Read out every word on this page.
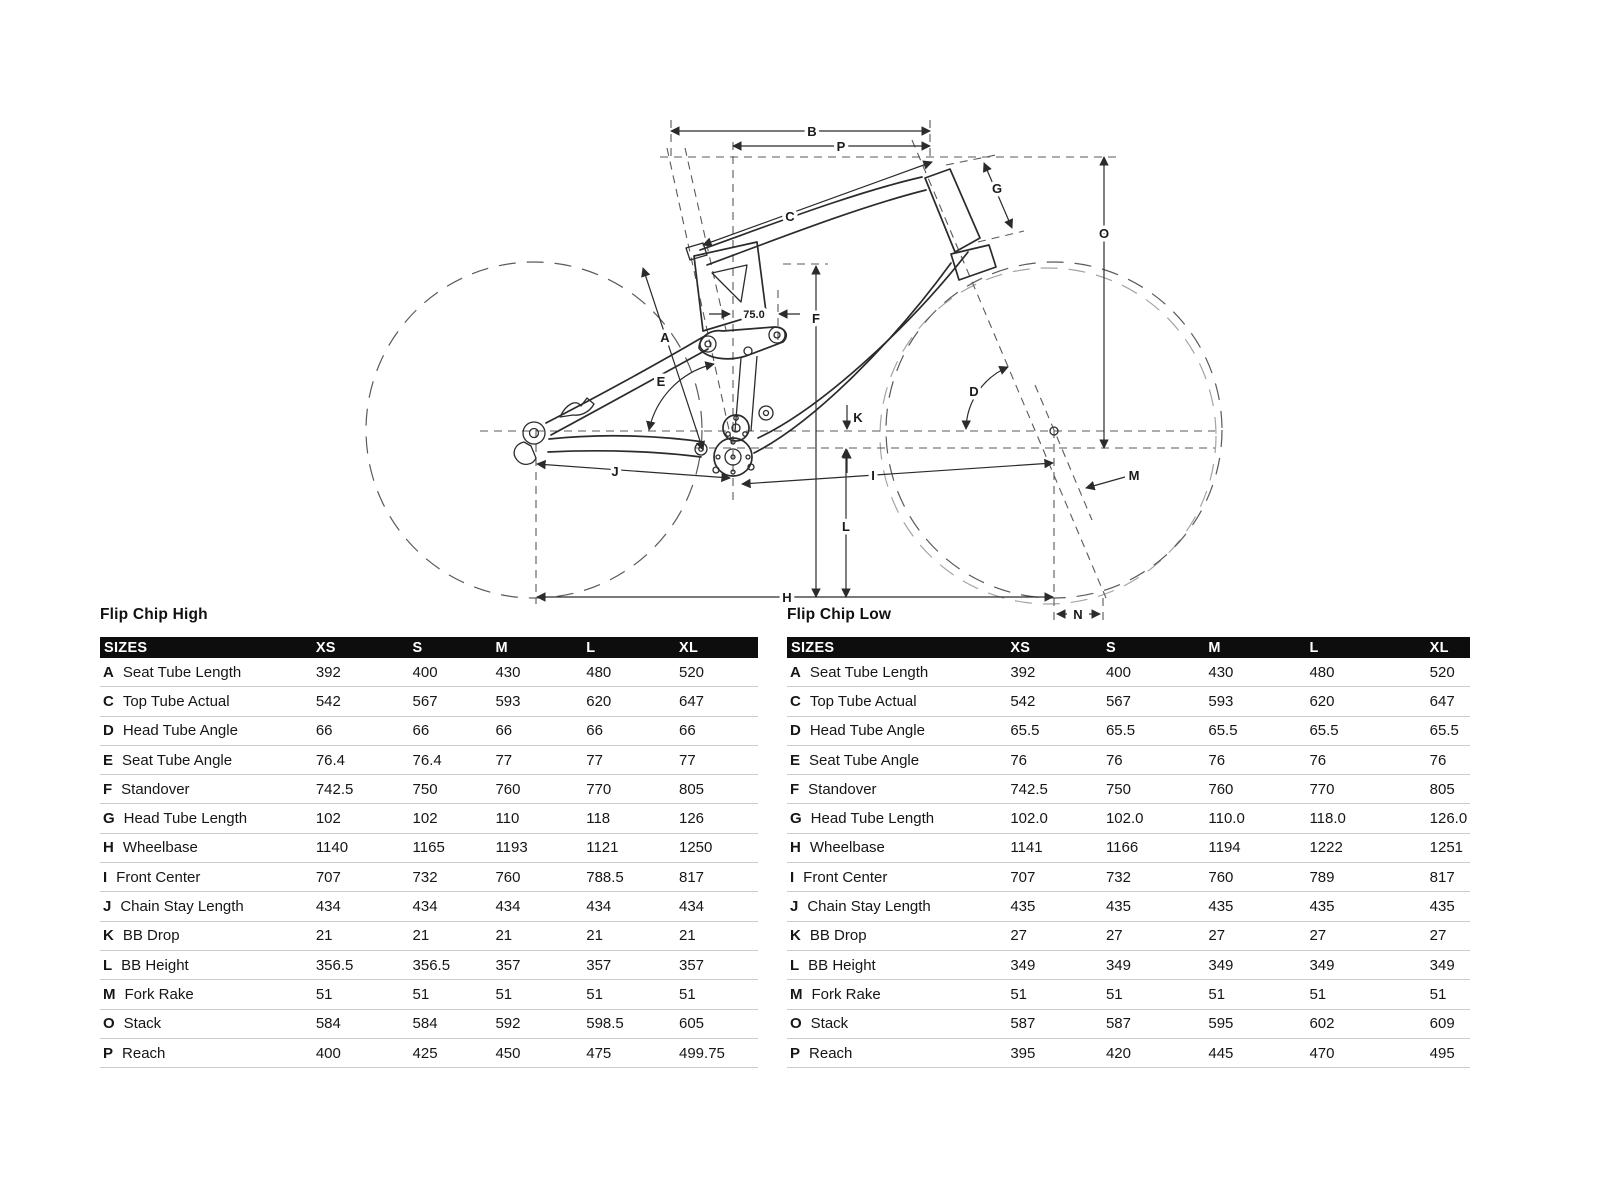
B
P
C
G
O
D
A
E
F
K
L
M
N
H
I
J
75.0
Flip Chip High
SIZES	XS	S	M	L	XL
A Seat Tube Length	392	400	430	480	520
C Top Tube Actual	542	567	593	620	647
D Head Tube Angle	66	66	66	66	66
E Seat Tube Angle	76.4	76.4	77	77	77
F Standover	742.5	750	760	770	805
G Head Tube Length	102	102	110	118	126
H Wheelbase	1140	1165	1193	1121	1250
I Front Center	707	732	760	788.5	817
J Chain Stay Length	434	434	434	434	434
K BB Drop	21	21	21	21	21
L BB Height	356.5	356.5	357	357	357
M Fork Rake	51	51	51	51	51
O Stack	584	584	592	598.5	605
P Reach	400	425	450	475	499.75
Flip Chip Low
SIZES	XS	S	M	L	XL
A Seat Tube Length	392	400	430	480	520
C Top Tube Actual	542	567	593	620	647
D Head Tube Angle	65.5	65.5	65.5	65.5	65.5
E Seat Tube Angle	76	76	76	76	76
F Standover	742.5	750	760	770	805
G Head Tube Length	102.0	102.0	110.0	118.0	126.0
H Wheelbase	1141	1166	1194	1222	1251
I Front Center	707	732	760	789	817
J Chain Stay Length	435	435	435	435	435
K BB Drop	27	27	27	27	27
L BB Height	349	349	349	349	349
M Fork Rake	51	51	51	51	51
O Stack	587	587	595	602	609
P Reach	395	420	445	470	495
